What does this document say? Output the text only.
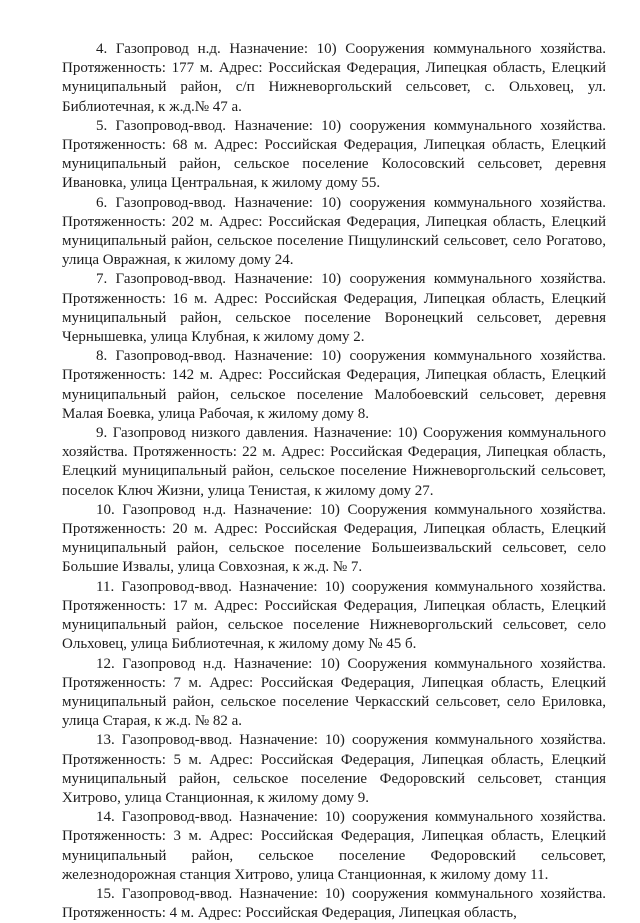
4. Газопровод н.д. Назначение: 10) Сооружения коммунального хозяйства. Протяженность: 177 м. Адрес: Российская Федерация, Липецкая область, Елецкий муниципальный район, с/п Нижневоргольский сельсовет, с. Ольховец, ул. Библиотечная, к ж.д.№ 47 а.

5. Газопровод-ввод. Назначение: 10) сооружения коммунального хозяйства. Протяженность: 68 м. Адрес: Российская Федерация, Липецкая область, Елецкий муниципальный район, сельское поселение Колосовский сельсовет, деревня Ивановка, улица Центральная, к жилому дому 55.

6. Газопровод-ввод. Назначение: 10) сооружения коммунального хозяйства. Протяженность: 202 м. Адрес: Российская Федерация, Липецкая область, Елецкий муниципальный район, сельское поселение Пищулинский сельсовет, село Рогатово, улица Овражная, к жилому дому 24.

7. Газопровод-ввод. Назначение: 10) сооружения коммунального хозяйства. Протяженность: 16 м. Адрес: Российская Федерация, Липецкая область, Елецкий муниципальный район, сельское поселение Воронецкий сельсовет, деревня Чернышевка, улица Клубная, к жилому дому 2.

8. Газопровод-ввод. Назначение: 10) сооружения коммунального хозяйства. Протяженность: 142 м. Адрес: Российская Федерация, Липецкая область, Елецкий муниципальный район, сельское поселение Малобоевский сельсовет, деревня Малая Боевка, улица Рабочая, к жилому дому 8.

9. Газопровод низкого давления. Назначение: 10) Сооружения коммунального хозяйства. Протяженность: 22 м. Адрес: Российская Федерация, Липецкая область, Елецкий муниципальный район, сельское поселение Нижневоргольский сельсовет, поселок Ключ Жизни, улица Тенистая, к жилому дому 27.

10. Газопровод н.д. Назначение: 10) Сооружения коммунального хозяйства. Протяженность: 20 м. Адрес: Российская Федерация, Липецкая область, Елецкий муниципальный район, сельское поселение Большеизвальский сельсовет, село Большие Извалы, улица Совхозная, к ж.д. № 7.

11. Газопровод-ввод. Назначение: 10) сооружения коммунального хозяйства. Протяженность: 17 м. Адрес: Российская Федерация, Липецкая область, Елецкий муниципальный район, сельское поселение Нижневоргольский сельсовет, село Ольховец, улица Библиотечная, к жилому дому № 45 б.

12. Газопровод н.д. Назначение: 10) Сооружения коммунального хозяйства. Протяженность: 7 м. Адрес: Российская Федерация, Липецкая область, Елецкий муниципальный район, сельское поселение Черкасский сельсовет, село Ериловка, улица Старая, к ж.д. № 82 а.

13. Газопровод-ввод. Назначение: 10) сооружения коммунального хозяйства. Протяженность: 5 м. Адрес: Российская Федерация, Липецкая область, Елецкий муниципальный район, сельское поселение Федоровский сельсовет, станция Хитрово, улица Станционная, к жилому дому 9.

14. Газопровод-ввод. Назначение: 10) сооружения коммунального хозяйства. Протяженность: 3 м. Адрес: Российская Федерация, Липецкая область, Елецкий муниципальный район, сельское поселение Федоровский сельсовет, железнодорожная станция Хитрово, улица Станционная, к жилому дому 11.

15. Газопровод-ввод. Назначение: 10) сооружения коммунального хозяйства. Протяженность: 4 м. Адрес: Российская Федерация, Липецкая область,
